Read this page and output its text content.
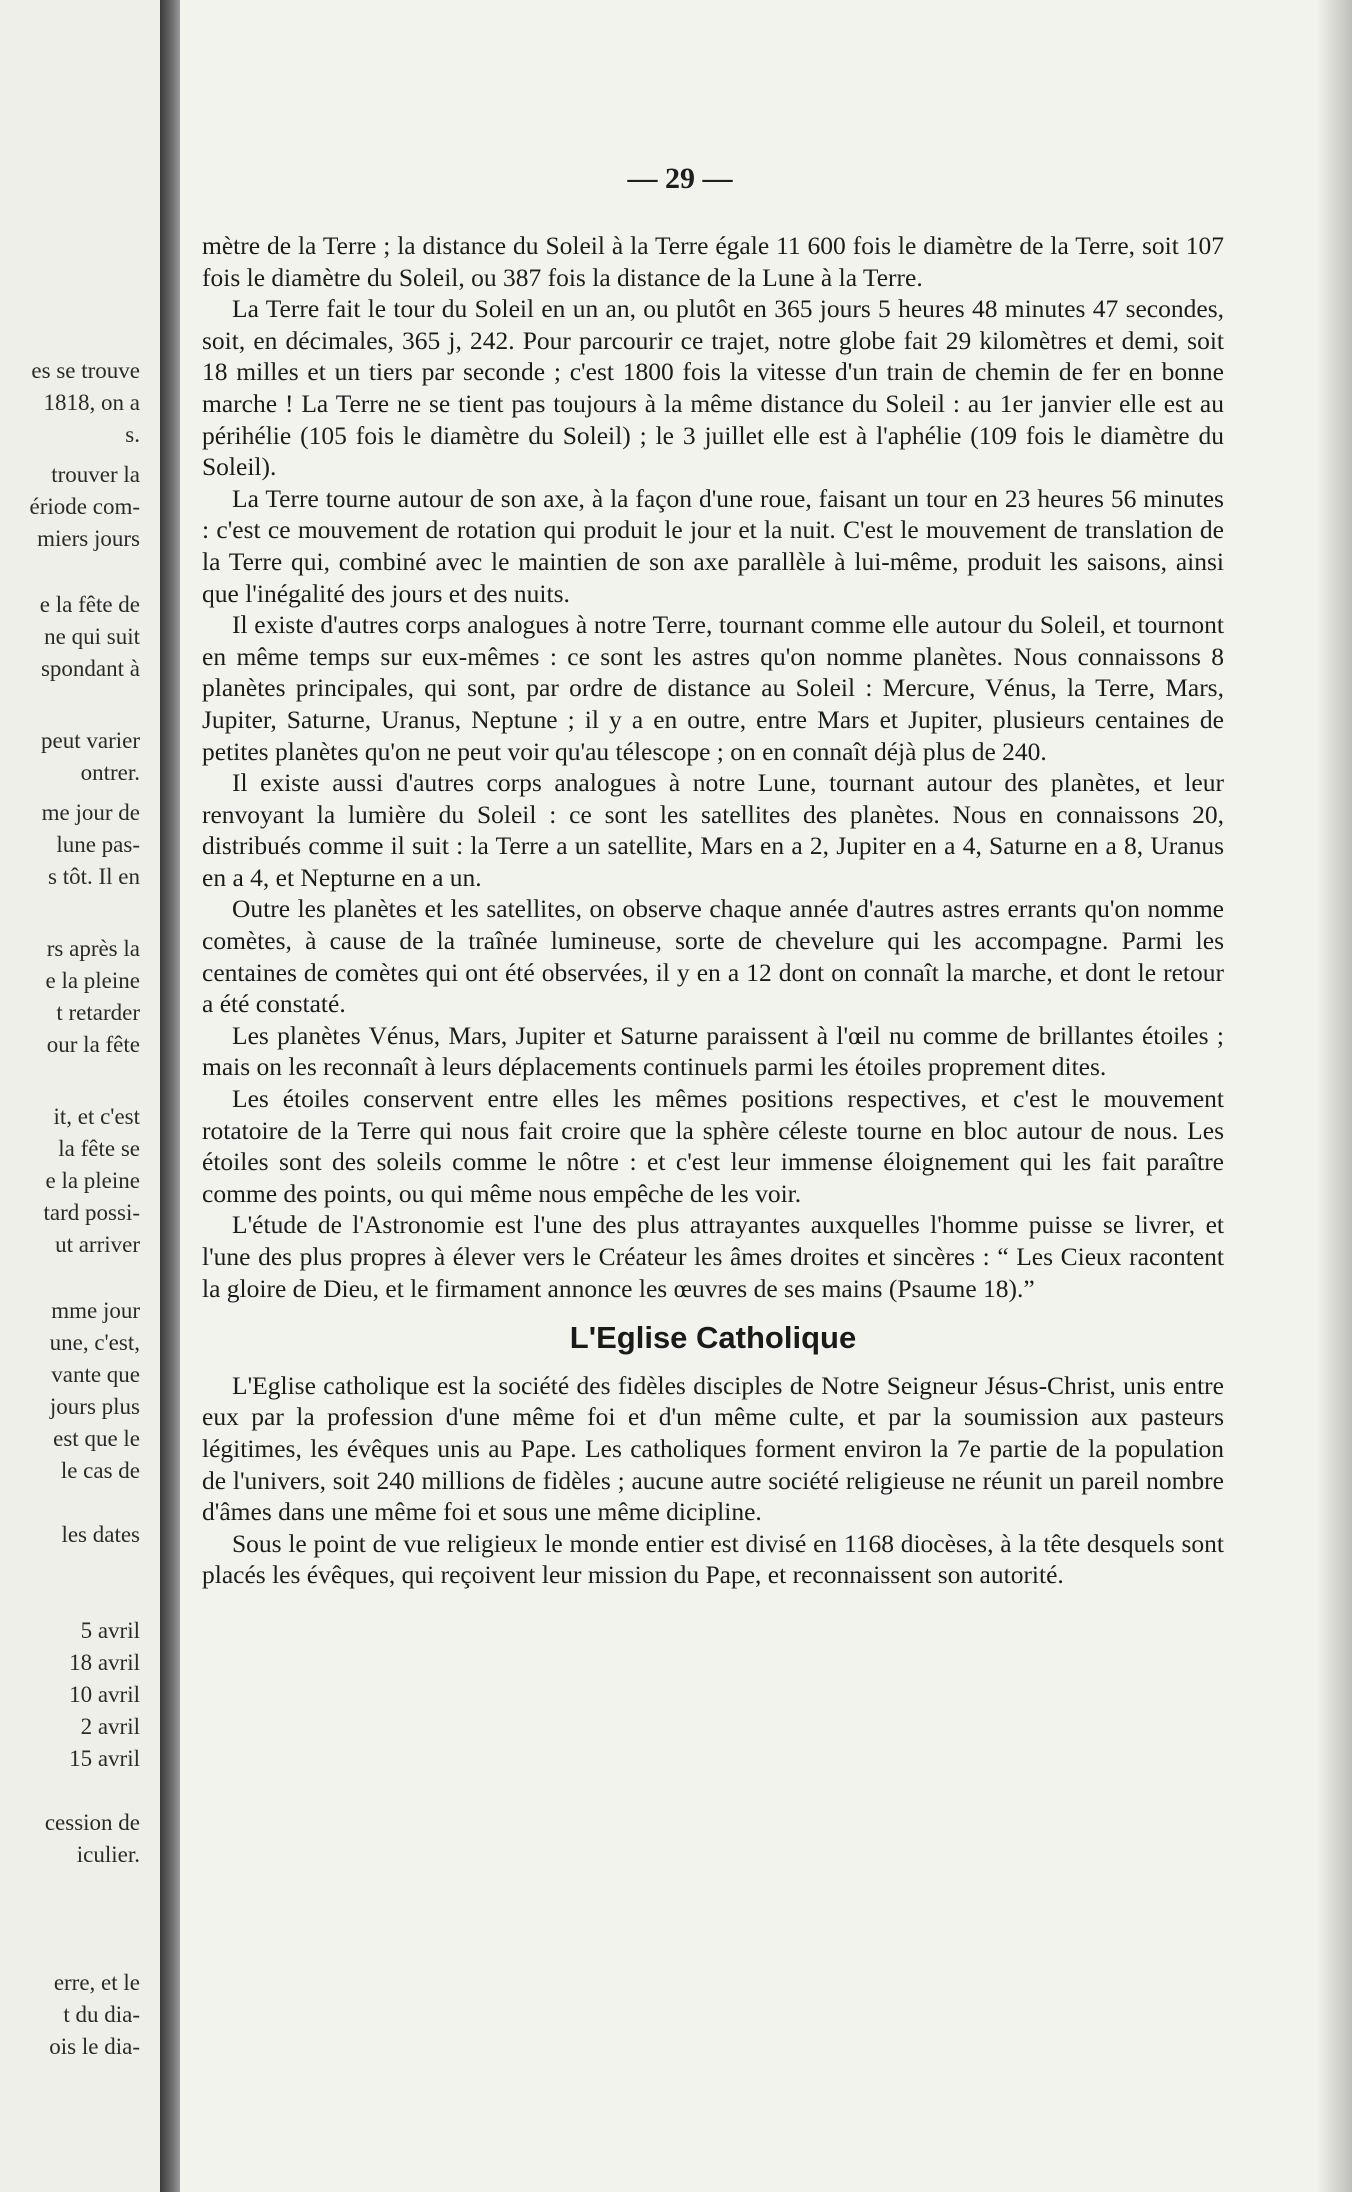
es se trouve
1818, on a
s.
trouver la
ériode com-
miers jours
e la fête de
ne qui suit
spondant à
peut varier
ontrer.
me jour de
lune pas-
s tôt. Il en
rs après la
e la pleine
t retarder
our la fête
it, et c'est
la fête se
e la pleine
tard possi-
ut arriver
mme jour
une, c'est,
vante que
jours plus
est que le
le cas de
les dates
5 avril
18 avril
10 avril
2 avril
15 avril
cession de
iculier.
erre, et le
t du dia-
ois le dia-
— 29 —

mètre de la Terre ; la distance du Soleil à la Terre égale 11 600 fois le diamètre de la Terre, soit 107 fois le diamètre du Soleil, ou 387 fois la distance de la Lune à la Terre.

La Terre fait le tour du Soleil en un an, ou plutôt en 365 jours 5 heures 48 minutes 47 secondes, soit, en décimales, 365 j, 242. Pour parcourir ce trajet, notre globe fait 29 kilomètres et demi, soit 18 milles et un tiers par seconde ; c'est 1800 fois la vitesse d'un train de chemin de fer en bonne marche ! La Terre ne se tient pas toujours à la même distance du Soleil : au 1er janvier elle est au périhélie (105 fois le diamètre du Soleil) ; le 3 juillet elle est à l'aphélie (109 fois le diamètre du Soleil).

La Terre tourne autour de son axe, à la façon d'une roue, faisant un tour en 23 heures 56 minutes : c'est ce mouvement de rotation qui produit le jour et la nuit. C'est le mouvement de translation de la Terre qui, combiné avec le maintien de son axe parallèle à lui-même, produit les saisons, ainsi que l'inégalité des jours et des nuits.

Il existe d'autres corps analogues à notre Terre, tournant comme elle autour du Soleil, et tournont en même temps sur eux-mêmes : ce sont les astres qu'on nomme planètes. Nous connaissons 8 planètes principales, qui sont, par ordre de distance au Soleil : Mercure, Vénus, la Terre, Mars, Jupiter, Saturne, Uranus, Neptune ; il y a en outre, entre Mars et Jupiter, plusieurs centaines de petites planètes qu'on ne peut voir qu'au télescope ; on en connaît déjà plus de 240.

Il existe aussi d'autres corps analogues à notre Lune, tournant autour des planètes, et leur renvoyant la lumière du Soleil : ce sont les satellites des planètes. Nous en connaissons 20, distribués comme il suit : la Terre a un satellite, Mars en a 2, Jupiter en a 4, Saturne en a 8, Uranus en a 4, et Nepturne en a un.

Outre les planètes et les satellites, on observe chaque année d'autres astres errants qu'on nomme comètes, à cause de la traînée lumineuse, sorte de chevelure qui les accompagne. Parmi les centaines de comètes qui ont été observées, il y en a 12 dont on connaît la marche, et dont le retour a été constaté.

Les planètes Vénus, Mars, Jupiter et Saturne paraissent à l'œil nu comme de brillantes étoiles ; mais on les reconnaît à leurs déplacements continuels parmi les étoiles proprement dites.

Les étoiles conservent entre elles les mêmes positions respectives, et c'est le mouvement rotatoire de la Terre qui nous fait croire que la sphère céleste tourne en bloc autour de nous. Les étoiles sont des soleils comme le nôtre : et c'est leur immense éloignement qui les fait paraître comme des points, ou qui même nous empêche de les voir.

L'étude de l'Astronomie est l'une des plus attrayantes auxquelles l'homme puisse se livrer, et l'une des plus propres à élever vers le Créateur les âmes droites et sincères : “ Les Cieux racontent la gloire de Dieu, et le firmament annonce les œuvres de ses mains (Psaume 18).”

L'Eglise Catholique

L'Eglise catholique est la société des fidèles disciples de Notre Seigneur Jésus-Christ, unis entre eux par la profession d'une même foi et d'un même culte, et par la soumission aux pasteurs légitimes, les évêques unis au Pape. Les catholiques forment environ la 7e partie de la population de l'univers, soit 240 millions de fidèles ; aucune autre société religieuse ne réunit un pareil nombre d'âmes dans une même foi et sous une même dicipline.

Sous le point de vue religieux le monde entier est divisé en 1168 diocèses, à la tête desquels sont placés les évêques, qui reçoivent leur mission du Pape, et reconnaissent son autorité.
